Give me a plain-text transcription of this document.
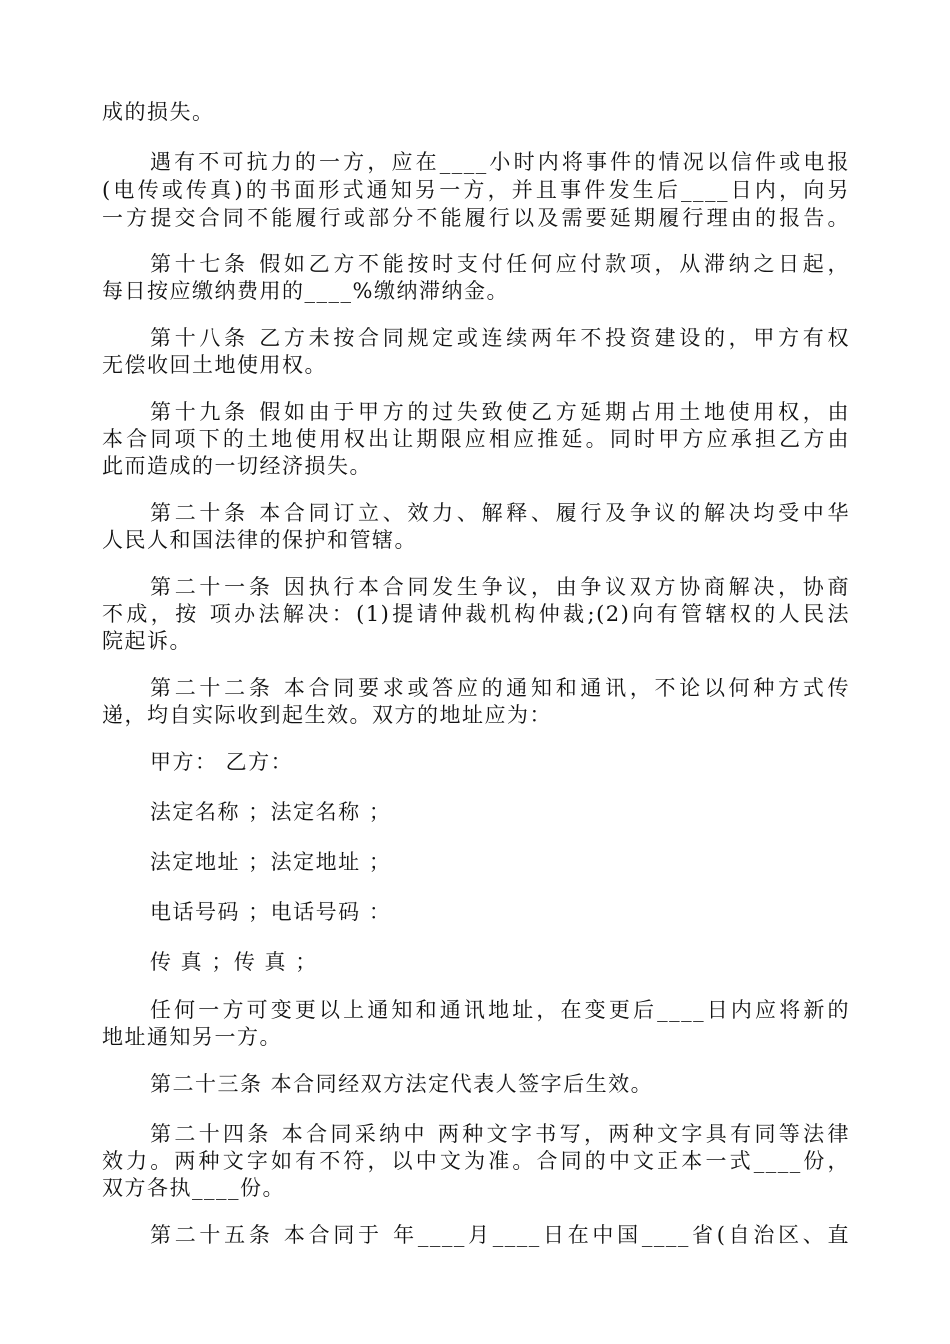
成的损失。
遇有不可抗力的一方，应在____小时内将事件的情况以信件或电报
(电传或传真)的书面形式通知另一方，并且事件发生后____日内，向另
一方提交合同不能履行或部分不能履行以及需要延期履行理由的报告。
第十七条 假如乙方不能按时支付任何应付款项，从滞纳之日起，
每日按应缴纳费用的____%缴纳滞纳金。
第十八条 乙方未按合同规定或连续两年不投资建设的，甲方有权
无偿收回土地使用权。
第十九条 假如由于甲方的过失致使乙方延期占用土地使用权，由
本合同项下的土地使用权出让期限应相应推延。同时甲方应承担乙方由
此而造成的一切经济损失。
第二十条 本合同订立、效力、解释、履行及争议的解决均受中华
人民人和国法律的保护和管辖。
第二十一条 因执行本合同发生争议，由争议双方协商解决，协商
不成，按 项办法解决：(1)提请仲裁机构仲裁;(2)向有管辖权的人民法
院起诉。
第二十二条 本合同要求或答应的通知和通讯，不论以何种方式传
递，均自实际收到起生效。双方的地址应为：
甲方： 乙方：
法定名称 ；法定名称 ；
法定地址 ；法定地址 ；
电话号码 ；电话号码 ：
传 真 ；传 真 ；
任何一方可变更以上通知和通讯地址，在变更后____日内应将新的
地址通知另一方。
第二十三条 本合同经双方法定代表人签字后生效。
第二十四条 本合同采纳中 两种文字书写，两种文字具有同等法律
效力。两种文字如有不符，以中文为准。合同的中文正本一式____份，
双方各执____份。
第二十五条 本合同于 年____月____日在中国____省(自治区、直
